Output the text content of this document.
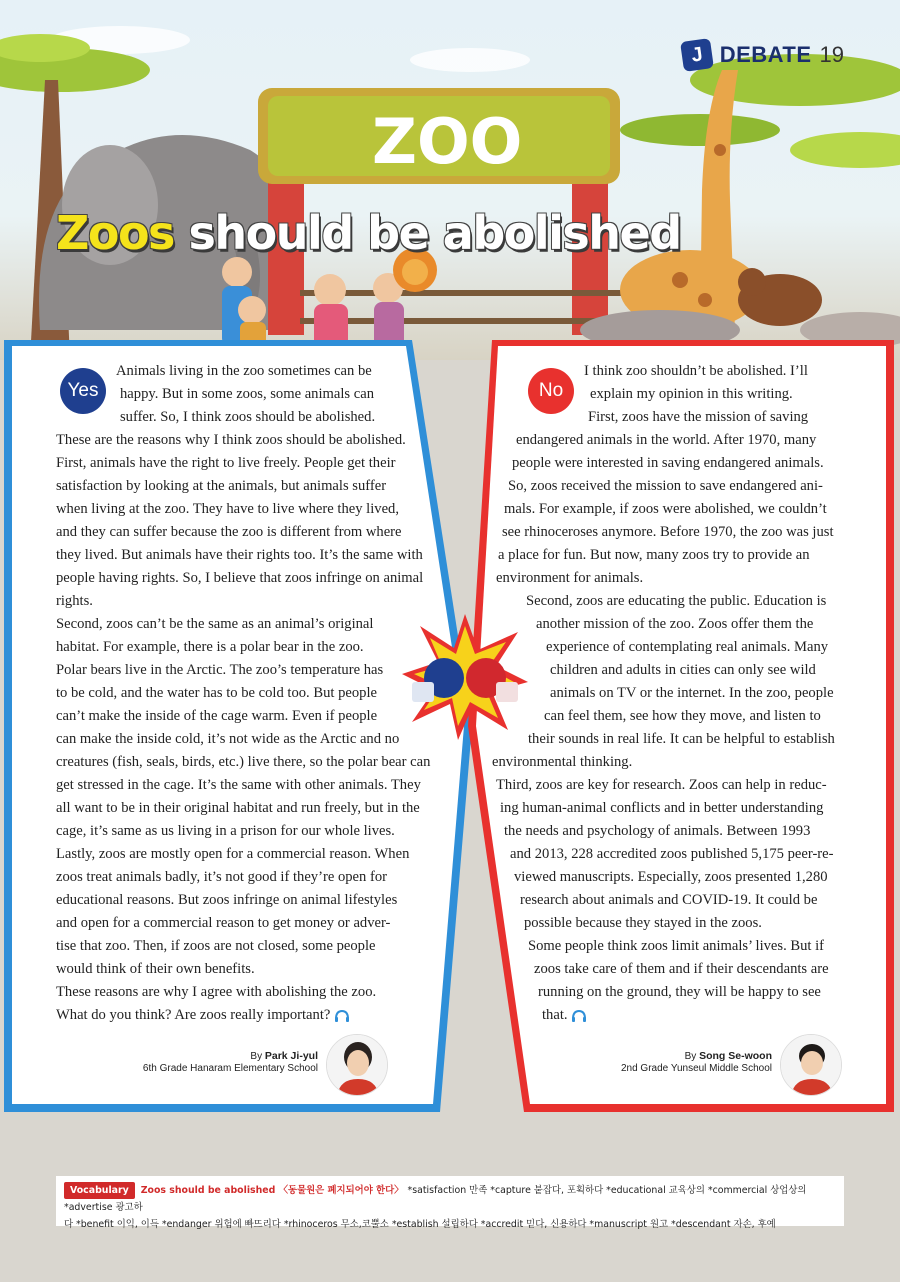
ZOO
J DEBATE 19
Zoos should be abolished
Yes

Animals living in the zoo sometimes can be

happy. But in some zoos, some animals can

suffer. So, I think zoos should be abolished.

These are the reasons why I think zoos should be abolished.

First, animals have the right to live freely. People get their

satisfaction by looking at the animals, but animals suffer

when living at the zoo. They have to live where they lived,

and they can suffer because the zoo is different from where

they lived. But animals have their rights too. It’s the same with

people having rights. So, I believe that zoos infringe on animal

rights.

Second, zoos can’t be the same as an animal’s original

habitat. For example, there is a polar bear in the zoo.

Polar bears live in the Arctic. The zoo’s temperature has

to be cold, and the water has to be cold too. But people

can’t make the inside of the cage warm. Even if people

can make the inside cold, it’s not wide as the Arctic and no

creatures (fish, seals, birds, etc.) live there, so the polar bear can

get stressed in the cage. It’s the same with other animals. They

all want to be in their original habitat and run freely, but in the

cage, it’s same as us living in a prison for our whole lives.

Lastly, zoos are mostly open for a commercial reason. When

zoos treat animals badly, it’s not good if they’re open for

educational reasons. But zoos infringe on animal lifestyles

and open for a commercial reason to get money or adver-

tise that zoo. Then, if zoos are not closed, some people

would think of their own benefits.

These reasons are why I agree with abolishing the zoo.

What do you think? Are zoos really important?

By Park Ji-yul
6th Grade Hanaram Elementary School
No

I think zoo shouldn’t be abolished. I’ll

explain my opinion in this writing.

First, zoos have the mission of saving

endangered animals in the world. After 1970, many

people were interested in saving endangered animals.

So, zoos received the mission to save endangered ani-

mals. For example, if zoos were abolished, we couldn’t

see rhinoceroses anymore. Before 1970, the zoo was just

a place for fun. But now, many zoos try to provide an

environment for animals.

Second, zoos are educating the public. Education is

another mission of the zoo. Zoos offer them the

experience of contemplating real animals. Many

children and adults in cities can only see wild

animals on TV or the internet. In the zoo, people

can feel them, see how they move, and listen to

their sounds in real life. It can be helpful to establish

environmental thinking.

Third, zoos are key for research. Zoos can help in reduc-

ing human-animal conflicts and in better understanding

the needs and psychology of animals. Between 1993

and 2013, 228 accredited zoos published 5,175 peer-re-

viewed manuscripts. Especially, zoos presented 1,280

research about animals and COVID-19. It could be

possible because they stayed in the zoos.

Some people think zoos limit animals’ lives. But if

zoos take care of them and if their descendants are

running on the ground, they will be happy to see

that.

By Song Se-woon
2nd Grade Yunseul Middle School
Vocabulary Zoos should be abolished 〈동물원은 폐지되어야 한다〉 *satisfaction 만족 *capture 붙잡다, 포획하다 *educational 교육상의 *commercial 상업상의 *advertise 광고하
다 *benefit 이익, 이득 *endanger 위험에 빠뜨리다 *rhinoceros 무소,코뿔소 *establish 설립하다 *accredit 믿다, 신용하다 *manuscript 원고 *descendant 자손, 후예
